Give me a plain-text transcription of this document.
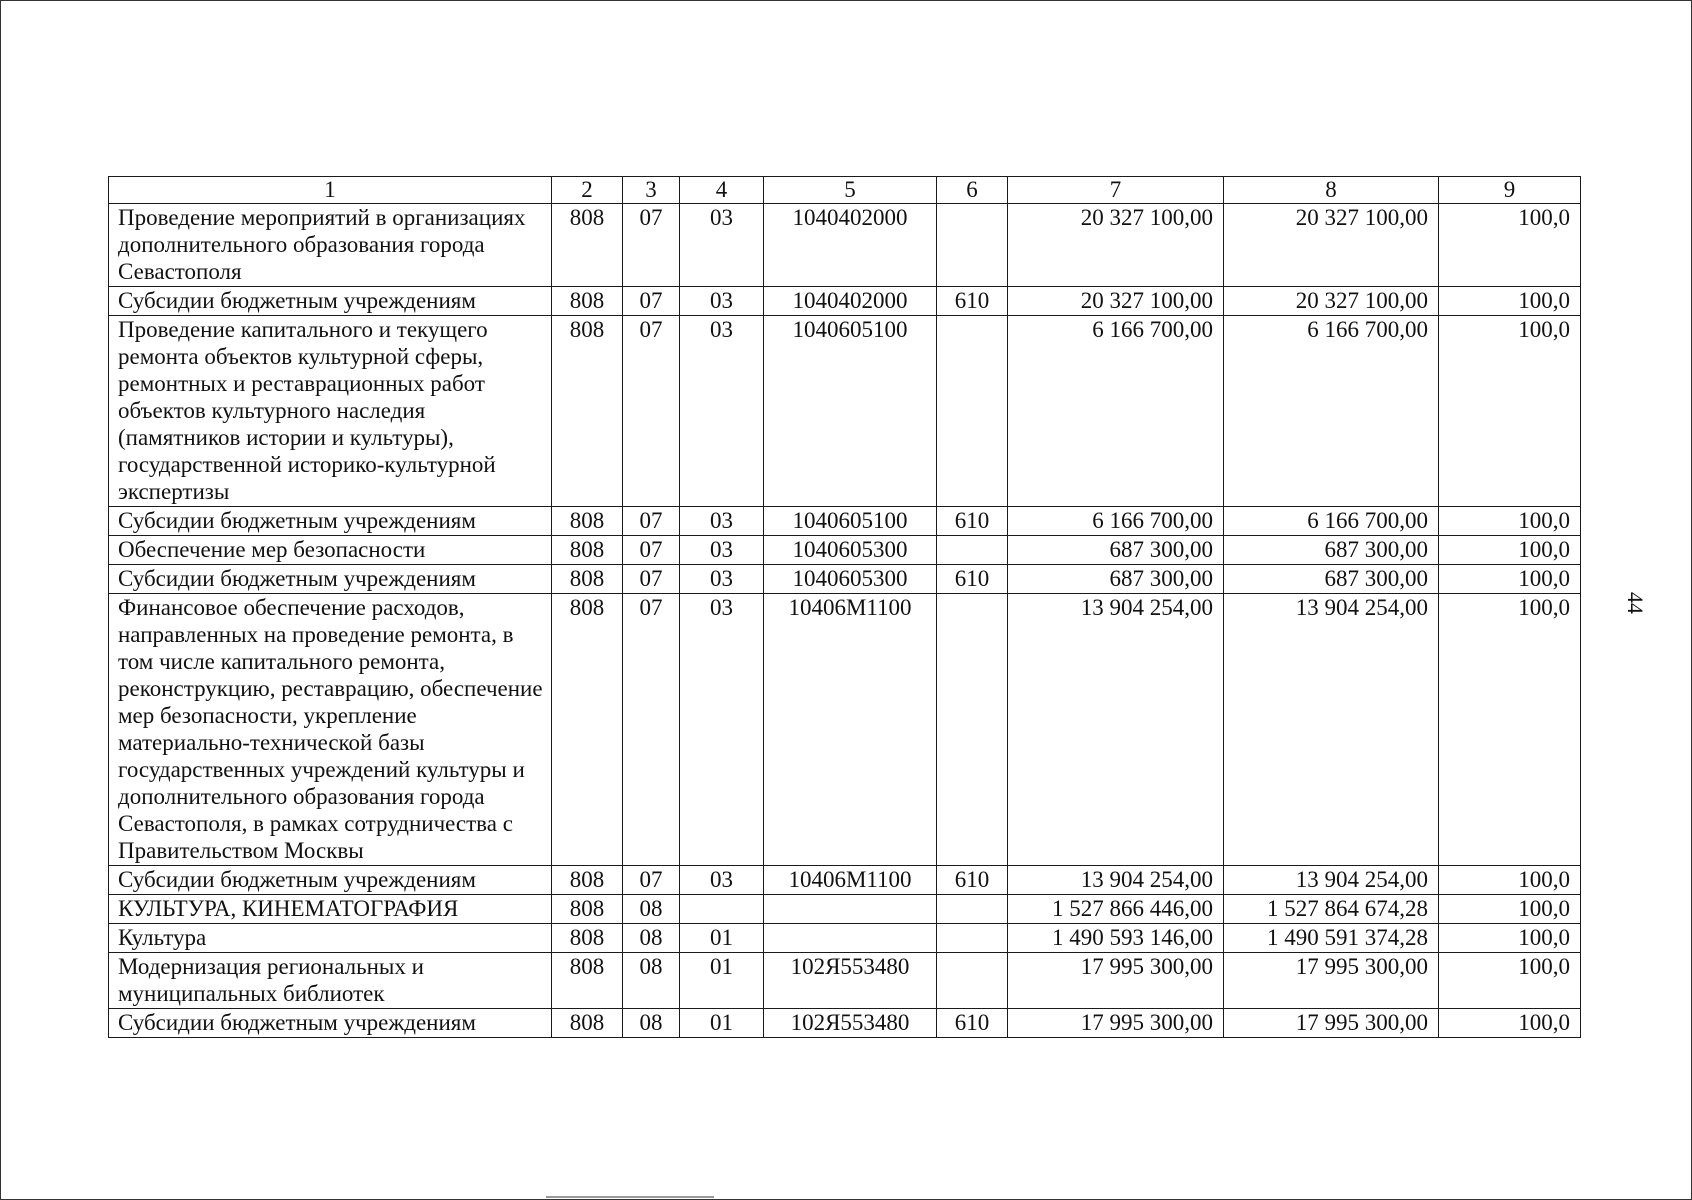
1	2	3	4	5	6	7	8	9
Проведение мероприятий в организациях дополнительного образования города Севастополя	808	07	03	1040402000		20 327 100,00	20 327 100,00	100,0
Субсидии бюджетным учреждениям	808	07	03	1040402000	610	20 327 100,00	20 327 100,00	100,0
Проведение капитального и текущего ремонта объектов культурной сферы, ремонтных и реставрационных работ объектов культурного наследия (памятников истории и культуры), государственной историко-культурной экспертизы	808	07	03	1040605100		6 166 700,00	6 166 700,00	100,0
Субсидии бюджетным учреждениям	808	07	03	1040605100	610	6 166 700,00	6 166 700,00	100,0
Обеспечение мер безопасности	808	07	03	1040605300		687 300,00	687 300,00	100,0
Субсидии бюджетным учреждениям	808	07	03	1040605300	610	687 300,00	687 300,00	100,0
Финансовое обеспечение расходов, направленных на проведение ремонта, в том числе капитального ремонта, реконструкцию, реставрацию, обеспечение мер безопасности, укрепление материально-технической базы государственных учреждений культуры и дополнительного образования города Севастополя, в рамках сотрудничества с Правительством Москвы	808	07	03	10406М1100		13 904 254,00	13 904 254,00	100,0
Субсидии бюджетным учреждениям	808	07	03	10406М1100	610	13 904 254,00	13 904 254,00	100,0
КУЛЬТУРА, КИНЕМАТОГРАФИЯ	808	08				1 527 866 446,00	1 527 864 674,28	100,0
Культура	808	08	01			1 490 593 146,00	1 490 591 374,28	100,0
Модернизация региональных и муниципальных библиотек	808	08	01	102Я553480		17 995 300,00	17 995 300,00	100,0
Субсидии бюджетным учреждениям	808	08	01	102Я553480	610	17 995 300,00	17 995 300,00	100,0
44
